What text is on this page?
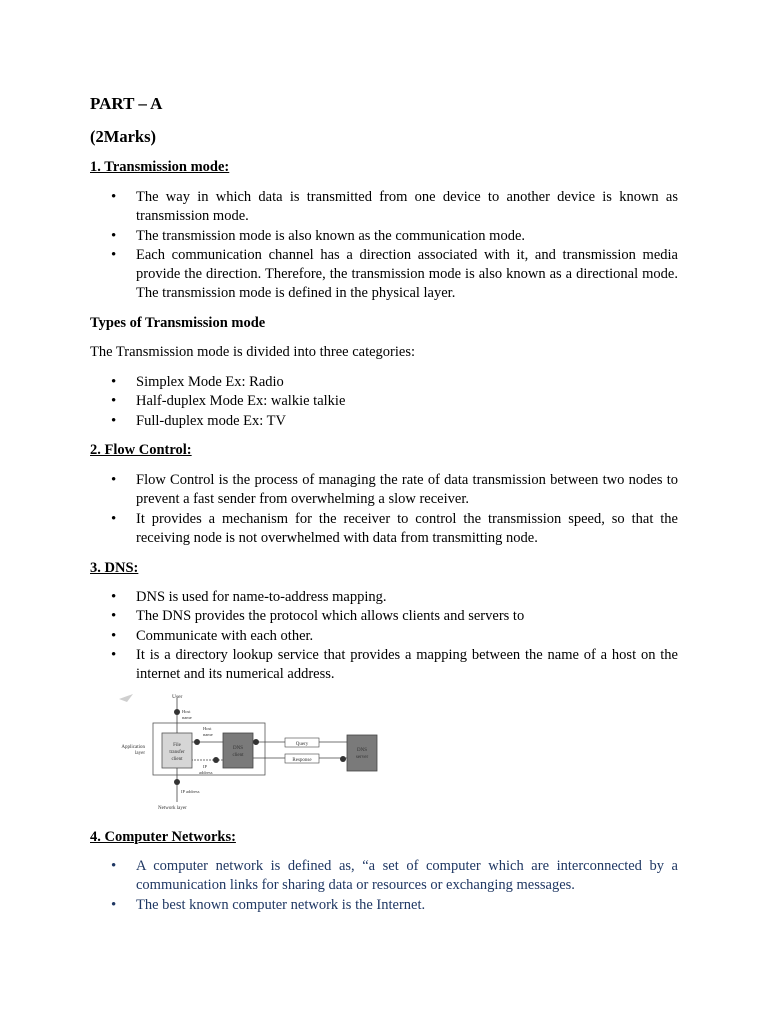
PART – A
(2Marks)
1. Transmission mode:
• The way in which data is transmitted from one device to another device is known as transmission mode.
• The transmission mode is also known as the communication mode.
• Each communication channel has a direction associated with it, and transmission media provide the direction. Therefore, the transmission mode is also known as a directional mode. The transmission mode is defined in the physical layer.
Types of Transmission mode
The Transmission mode is divided into three categories:
• Simplex Mode Ex: Radio
• Half-duplex Mode Ex: walkie talkie
• Full-duplex mode Ex: TV
2. Flow Control:
• Flow Control is the process of managing the rate of data transmission between two nodes to prevent a fast sender from overwhelming a slow receiver.
• It provides a mechanism for the receiver to control the transmission speed, so that the receiving node is not overwhelmed with data from transmitting node.
3. DNS:
• DNS is used for name-to-address mapping.
• The DNS provides the protocol which allows clients and servers to
• Communicate with each other.
• It is a directory lookup service that provides a mapping between the name of a host on the internet and its numerical address.
1
2	3
4
5
6
User
Host
name
Host
name
Application
layer
File
transfer
client
DNS
client
IP
address
Query
Response
DNS
server
IP address
Network layer
4. Computer Networks:
• A computer network is defined as, “a set of computer which are interconnected by a communication links for sharing data or resources or exchanging messages.
• The best known computer network is the Internet.
